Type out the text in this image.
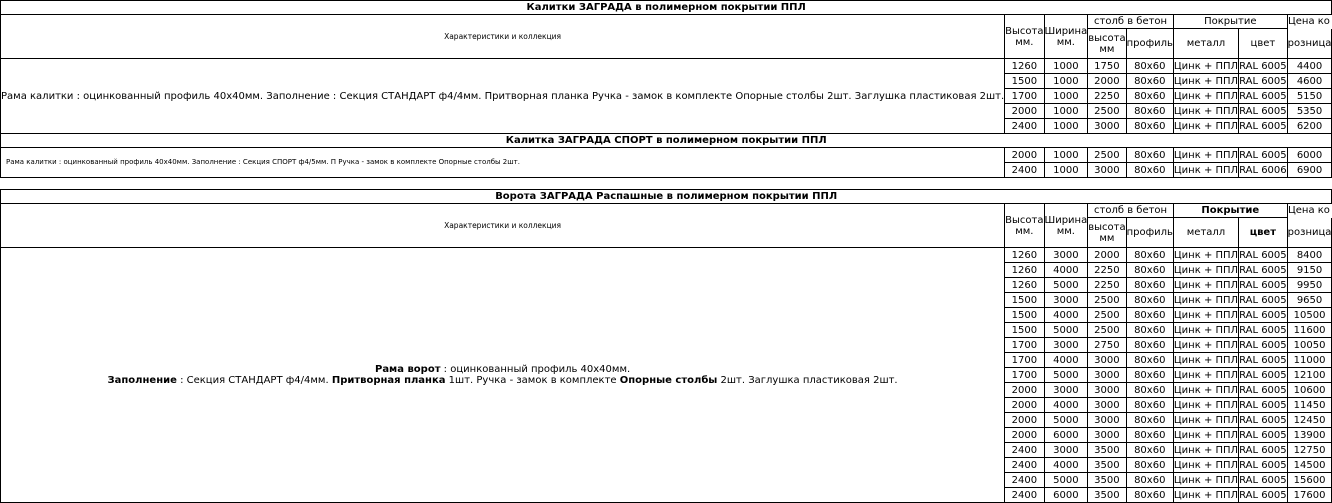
Калитки ЗАГРАДА в полимерном покрытии ППЛ							
Характеристики и коллекция	Высота мм.	Ширина мм.	столб в бетон		Покрытие		Цена ко
			высота мм	профиль	металл	цвет	розница

Рама калитки : оцинкованный профиль 40х40мм. Заполнение : Секция СТАНДАРТ ф4/4мм. Притворная планка Ручка - замок в комплекте Опорные столбы 2шт. Заглушка пластиковая 2шт.	1260	1000	1750	80х60	Цинк + ППЛ	RAL 6005	4400
	1500	1000	2000	80х60	Цинк + ППЛ	RAL 6005	4600
	1700	1000	2250	80х60	Цинк + ППЛ	RAL 6005	5150
	2000	1000	2500	80х60	Цинк + ППЛ	RAL 6005	5350
	2400	1000	3000	80х60	Цинк + ППЛ	RAL 6005	6200
Калитка ЗАГРАДА СПОРТ в полимерном покрытии ППЛ							
Рама калитки : оцинкованный профиль 40х40мм. Заполнение : Секция СПОРТ ф4/5мм. П Ручка - замок в комплекте Опорные столбы 2шт.	2000	1000	2500	80х60	Цинк + ППЛ	RAL 6005	6000
	2400	1000	3000	80х60	Цинк + ППЛ	RAL 6006	6900

Ворота ЗАГРАДА Распашные в полимерном покрытии ППЛ							
Характеристики и коллекция	Высота мм.	Ширина мм.	столб в бетон		Покрытие		Цена ко
			высота мм	профиль	металл	цвет	розница

Рама ворот : оцинкованный профиль 40х40мм.
Заполнение : Секция СТАНДАРТ ф4/4мм. Притворная планка 1шт. Ручка - замок в комплекте Опорные столбы 2шт. Заглушка пластиковая 2шт.	1260	3000	2000	80х60	Цинк + ППЛ	RAL 6005	8400
	1260	4000	2250	80х60	Цинк + ППЛ	RAL 6005	9150
	1260	5000	2250	80х60	Цинк + ППЛ	RAL 6005	9950
	1500	3000	2500	80х60	Цинк + ППЛ	RAL 6005	9650
	1500	4000	2500	80х60	Цинк + ППЛ	RAL 6005	10500
	1500	5000	2500	80х60	Цинк + ППЛ	RAL 6005	11600
	1700	3000	2750	80х60	Цинк + ППЛ	RAL 6005	10050
	1700	4000	3000	80х60	Цинк + ППЛ	RAL 6005	11000
	1700	5000	3000	80х60	Цинк + ППЛ	RAL 6005	12100
	2000	3000	3000	80х60	Цинк + ППЛ	RAL 6005	10600
	2000	4000	3000	80х60	Цинк + ППЛ	RAL 6005	11450
	2000	5000	3000	80х60	Цинк + ППЛ	RAL 6005	12450
	2000	6000	3000	80х60	Цинк + ППЛ	RAL 6005	13900
	2400	3000	3500	80х60	Цинк + ППЛ	RAL 6005	12750
	2400	4000	3500	80х60	Цинк + ППЛ	RAL 6005	14500
	2400	5000	3500	80х60	Цинк + ППЛ	RAL 6005	15600
	2400	6000	3500	80х60	Цинк + ППЛ	RAL 6005	17600
